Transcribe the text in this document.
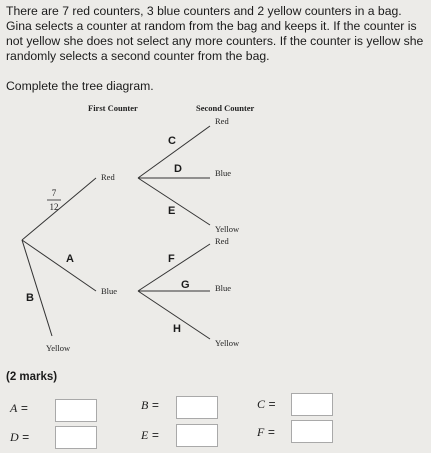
There are 7 red counters, 3 blue counters and 2 yellow counters in a bag. Gina selects a counter at random from the bag and keeps it. If the counter is not yellow she does not select any more counters. If the counter is yellow she randomly selects a second counter from the bag.

Complete the tree diagram.

First Counter	Second Counter
Red
Blue
Yellow
Red
Blue
Yellow
Red
Blue
Yellow
7
12
A
B
C
D
E
F
G
H

(2 marks)

A =	B =	C =
D =	E =	F =
